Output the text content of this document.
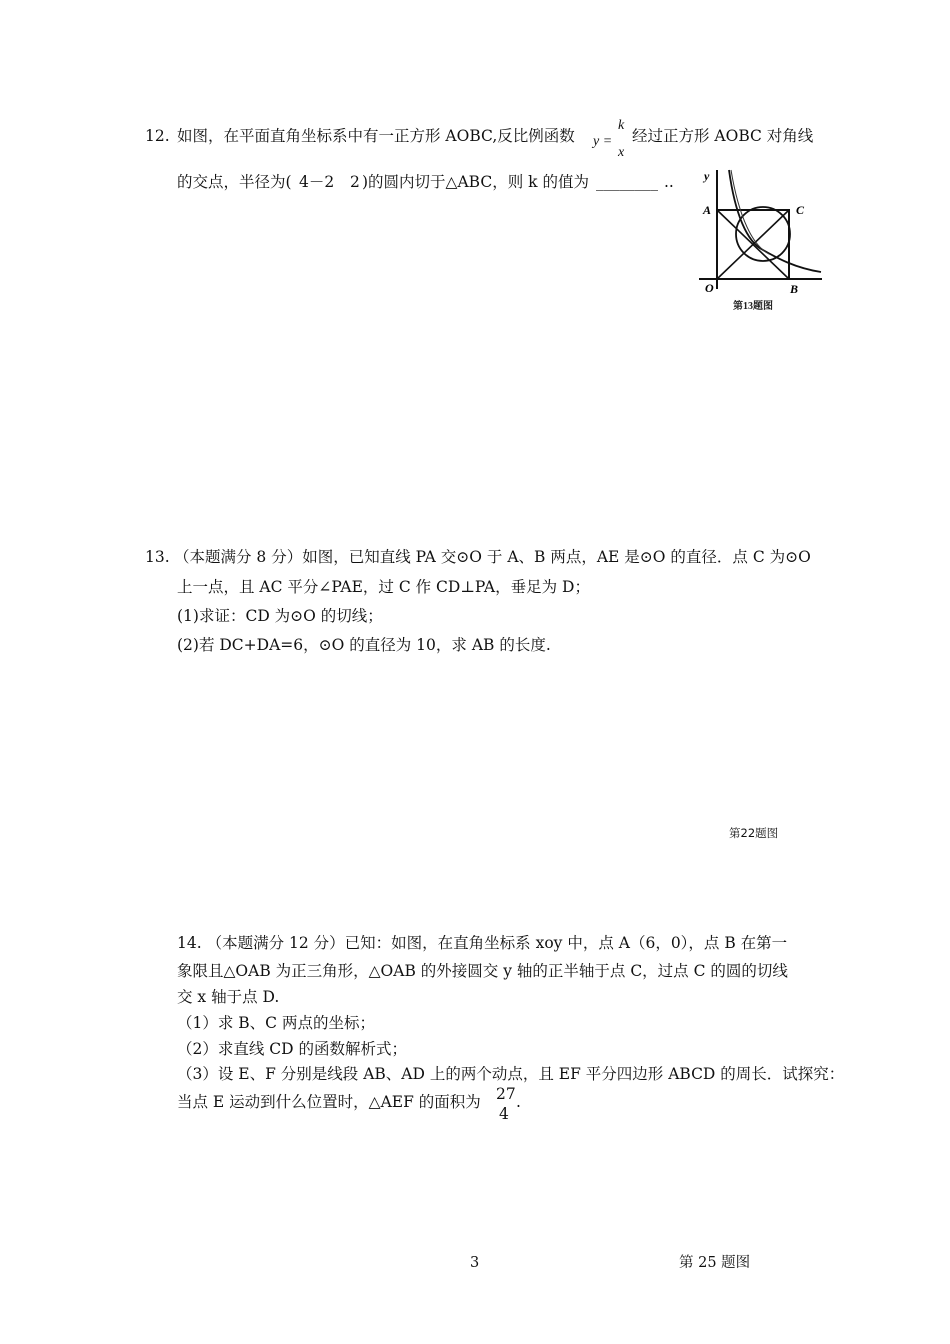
12. 如图，在平面直角坐标系中有一正方形 AOBC,反比例函数 y =
k
x
经过正方形 AOBC 对角线
的交点，半径为( 4－2 2 )的圆内切于△ABC，则 k 的值为 ________ ..	y
A	C
O	B
第13题图
13. （本题满分 8 分）如图，已知直线 PA 交⊙O 于 A、B 两点，AE 是⊙O 的直径．点 C 为⊙O
上一点，且 AC 平分∠PAE，过 C 作 CD⊥PA，垂足为 D；
(1)求证：CD 为⊙O 的切线；
(2)若 DC+DA=6，⊙O 的直径为 10，求 AB 的长度.
第22题图
14. （本题满分 12 分）已知：如图，在直角坐标系 xoy 中，点 A（6，0），点 B 在第一
象限且△OAB 为正三角形，△OAB 的外接圆交 y 轴的正半轴于点 C，过点 C 的圆的切线
交 x 轴于点 D.
（1）求 B、C 两点的坐标；
（2）求直线 CD 的函数解析式；
（3）设 E、F 分别是线段 AB、AD 上的两个动点，且 EF 平分四边形 ABCD 的周长．试探究：
当点 E 运动到什么位置时，△AEF 的面积为 27
4
.
第 25 题图
3
